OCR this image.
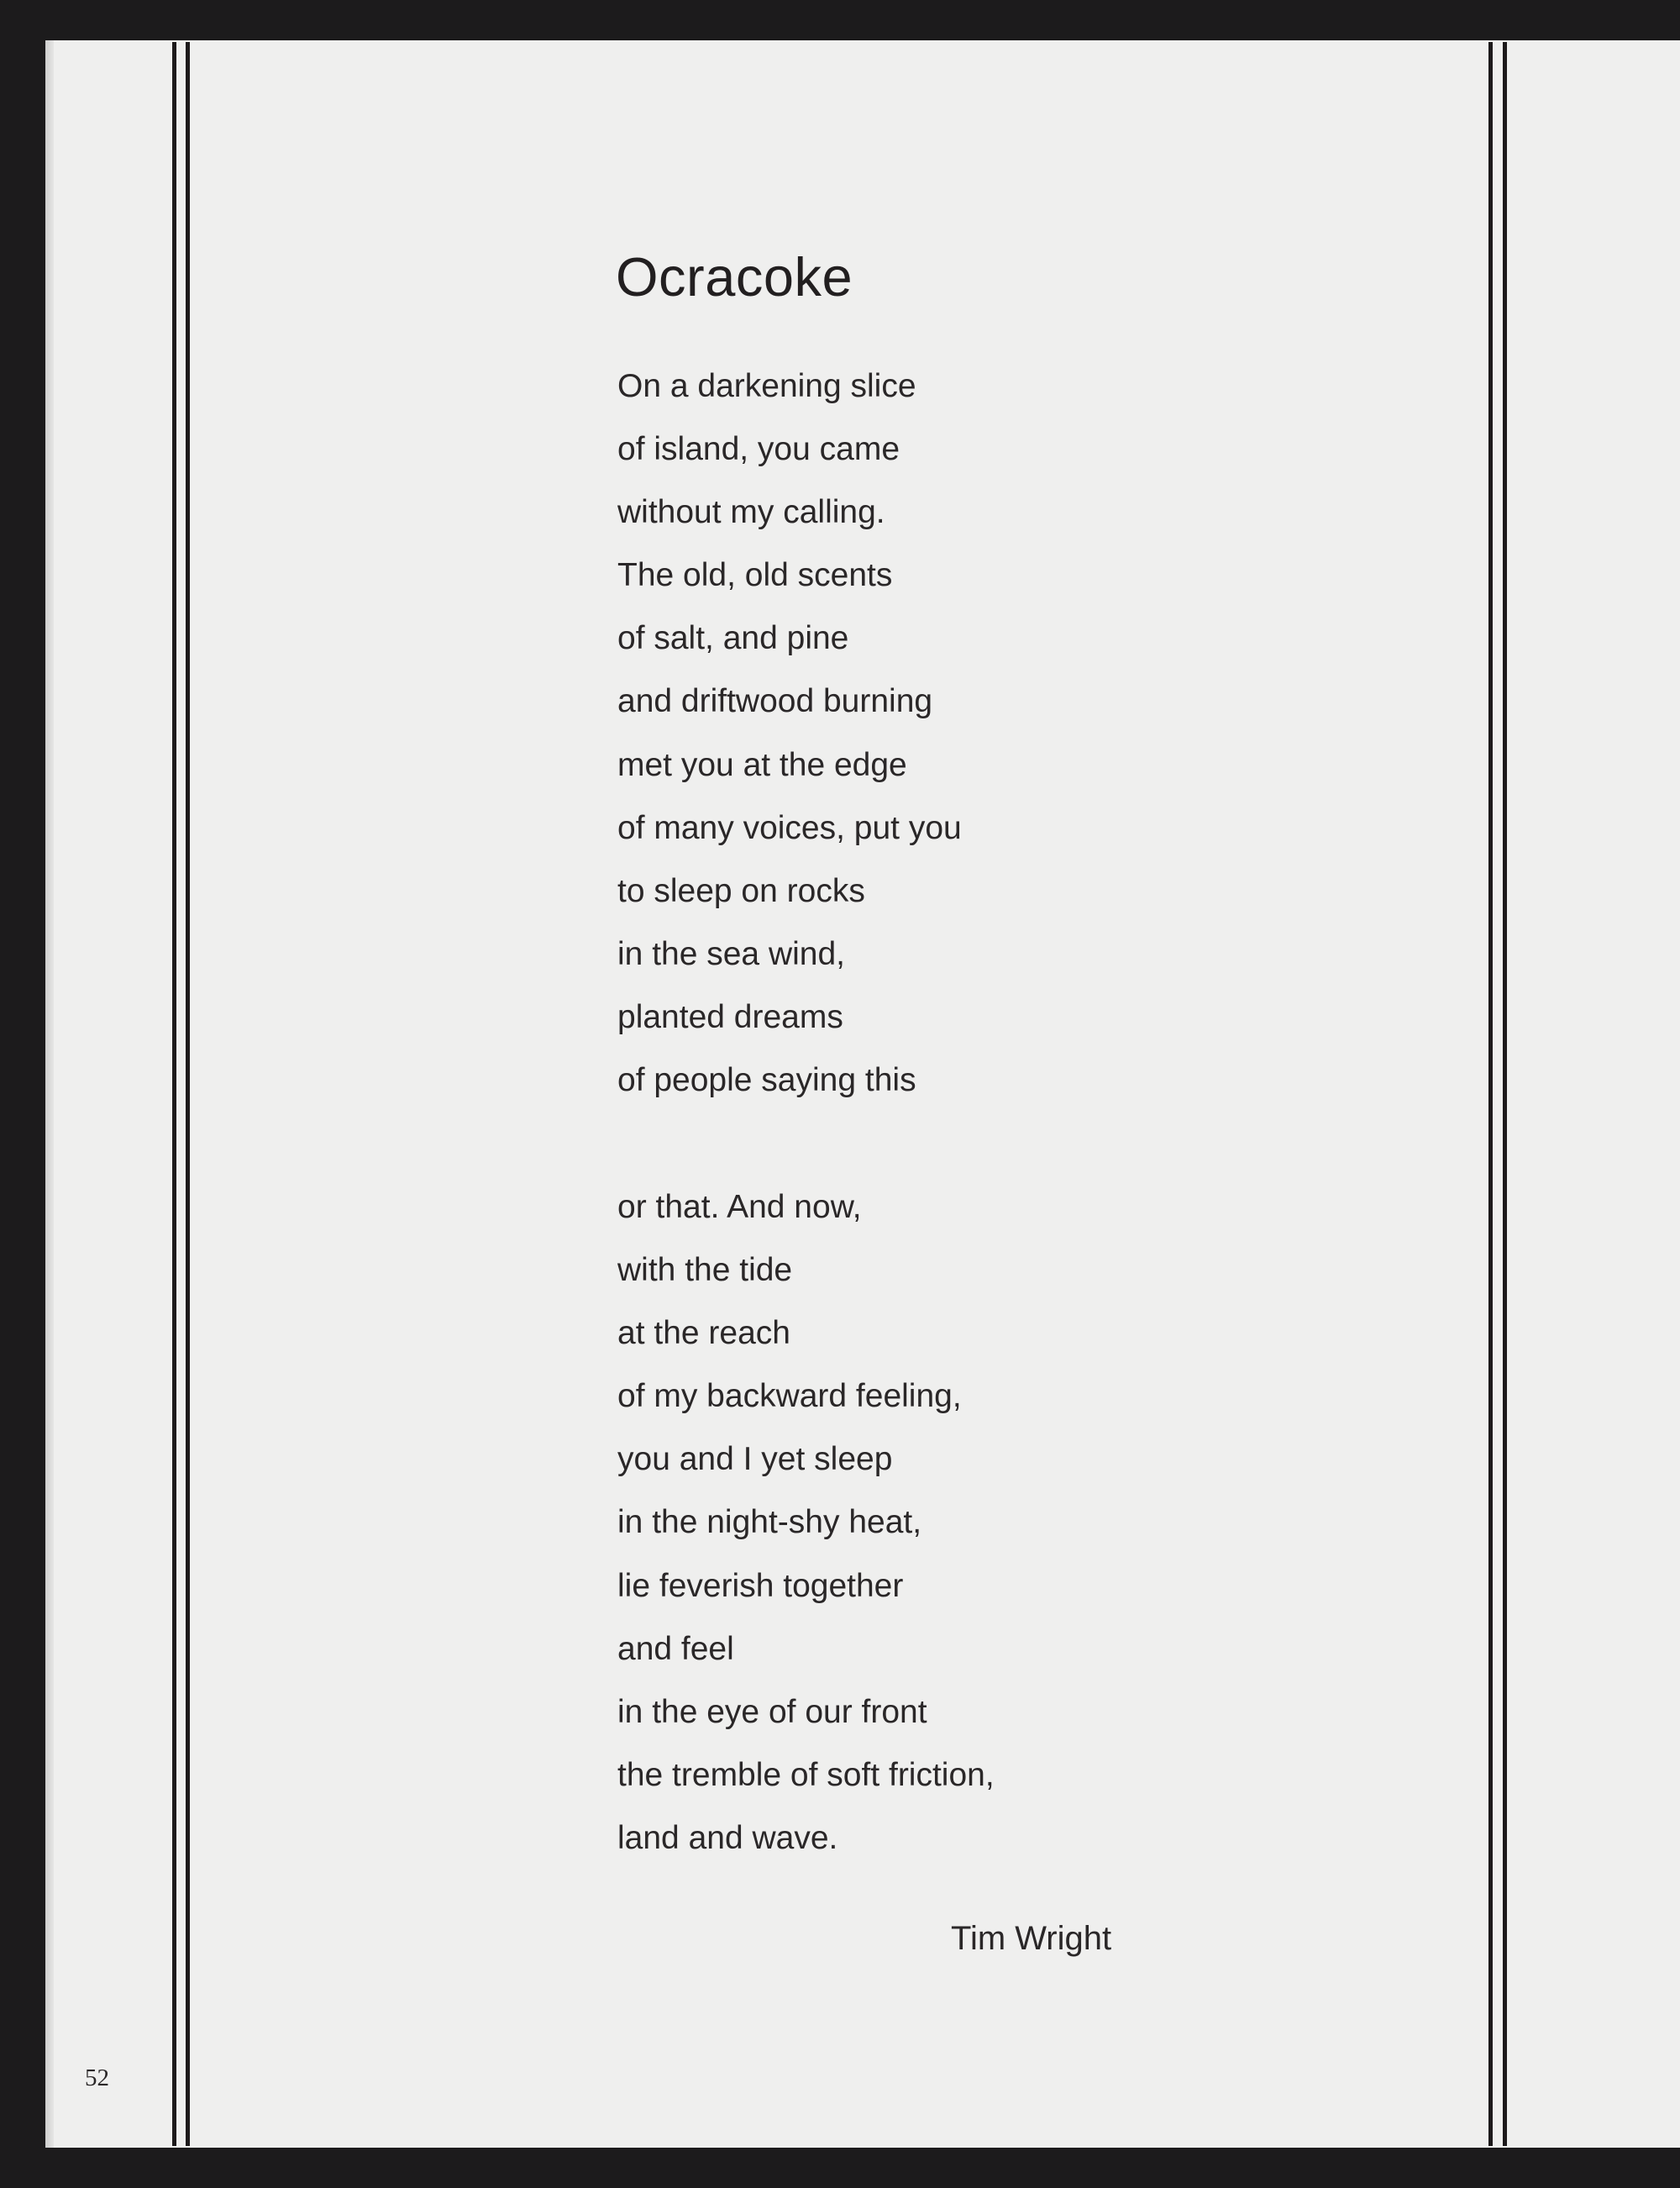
Ocracoke
On a darkening slice
of island, you came
without my calling.
The old, old scents
of salt, and pine
and driftwood burning
met you at the edge
of many voices, put you
to sleep on rocks
in the sea wind,
planted dreams
of people saying this
or that. And now,
with the tide
at the reach
of my backward feeling,
you and I yet sleep
in the night-shy heat,
lie feverish together
and feel
in the eye of our front
the tremble of soft friction,
land and wave.
Tim Wright
52
